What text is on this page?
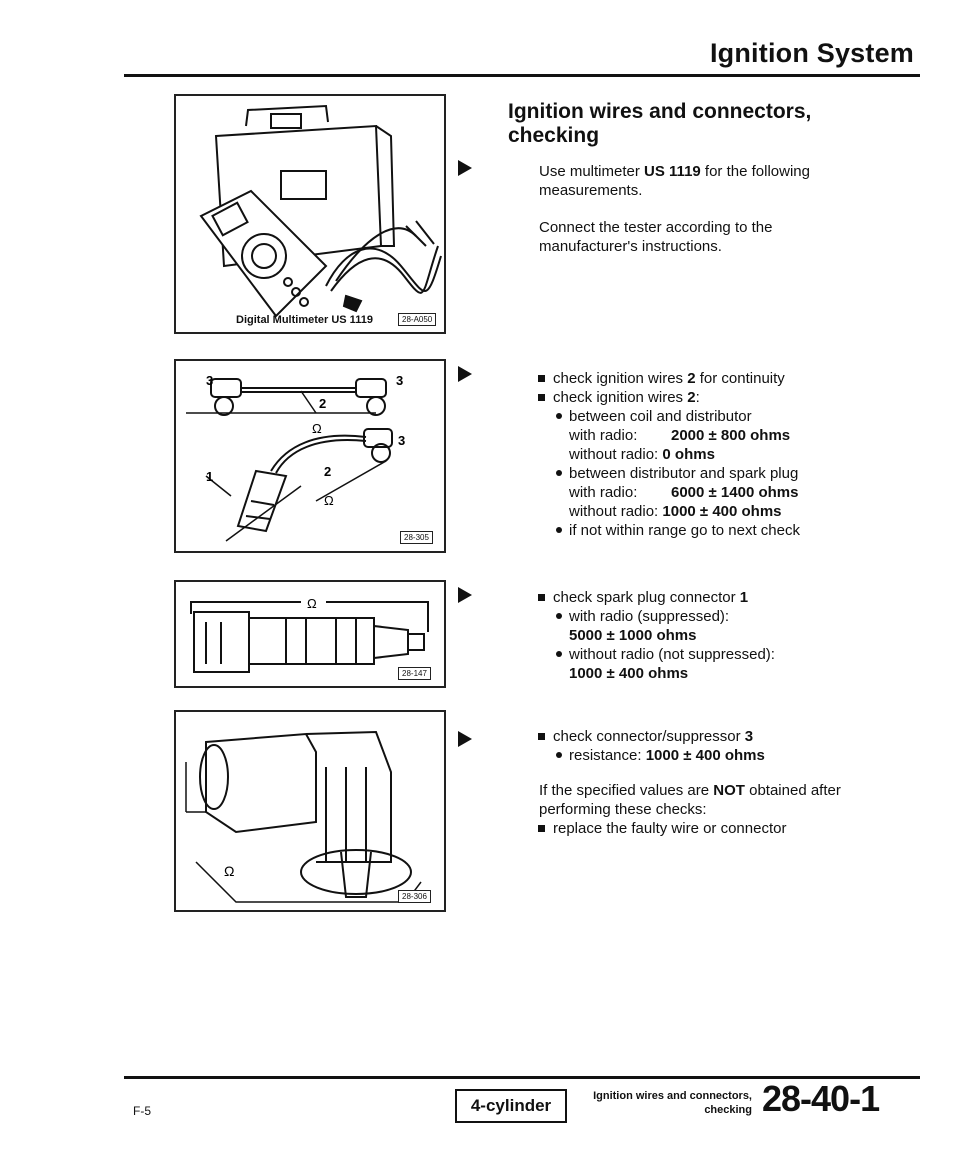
Ignition System
Digital Multimeter US 1119	28-A050
3
2
3
Ω
3
2
1
Ω
28-305
Ω
28-147
Ω
28-306
Ignition wires and connectors, checking
Use multimeter US 1119 for the following
measurements.
Connect the tester according to the
manufacturer's instructions.
check ignition wires 2 for continuity
check ignition wires 2:
between coil and distributor
with radio: 2000 ± 800 ohms
without radio: 0 ohms
between distributor and spark plug
with radio: 6000 ± 1400 ohms
without radio: 1000 ± 400 ohms
if not within range go to next check
check spark plug connector 1
with radio (suppressed):
5000 ± 1000 ohms
without radio (not suppressed):
1000 ± 400 ohms
check connector/suppressor 3
resistance: 1000 ± 400 ohms
If the specified values are NOT obtained after
performing these checks:
replace the faulty wire or connector
F-5	4-cylinder	Ignition wires and connectors,
checking 28-40-1
